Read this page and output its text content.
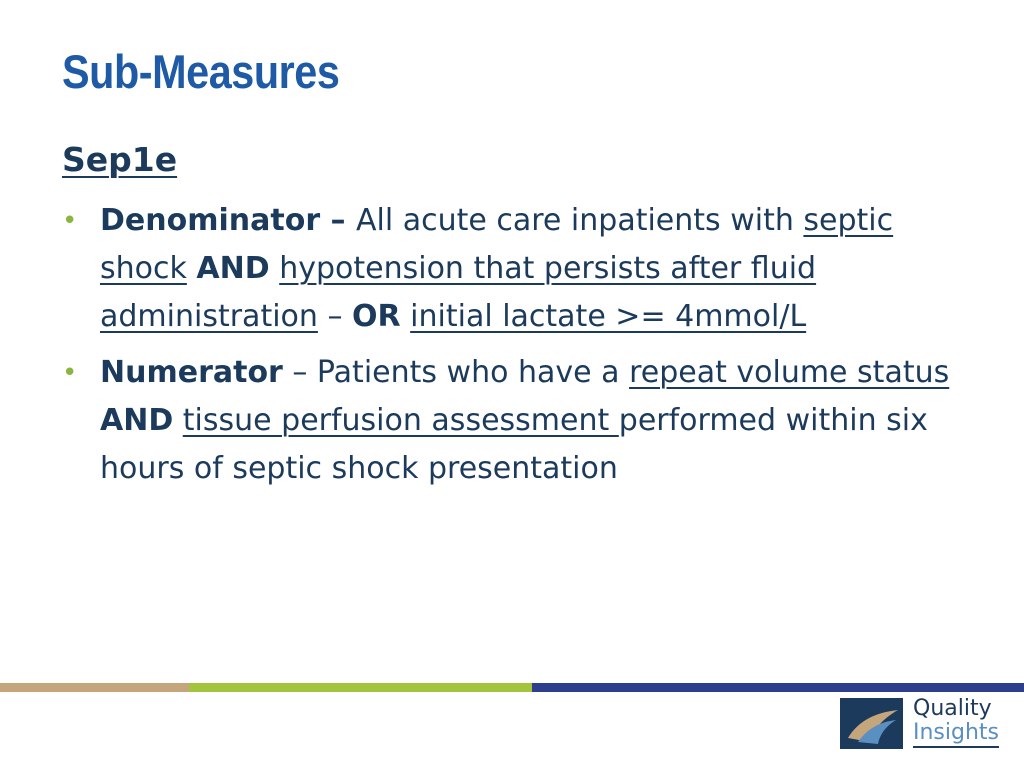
Sub-Measures
Sep1e
• Denominator – All acute care inpatients with septic shock AND hypotension that persists after fluid administration – OR initial lactate >= 4mmol/L
• Numerator – Patients who have a repeat volume status AND tissue perfusion assessment performed within six hours of septic shock presentation
Quality
Insights
